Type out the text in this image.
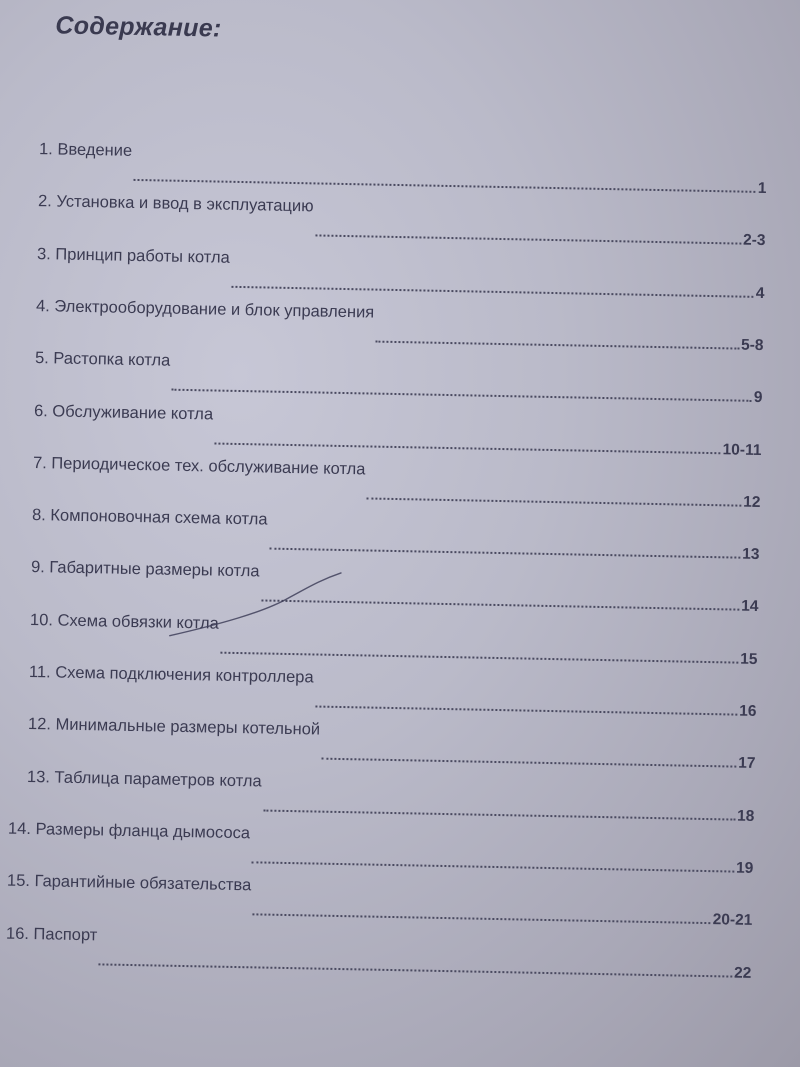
Содержание:
1. Введение
1
2. Установка и ввод в эксплуатацию
2-3
3. Принцип работы котла
4
4. Электрооборудование и блок управления
5-8
5. Растопка котла
9
6. Обслуживание котла
10-11
7. Периодическое тех. обслуживание котла
12
8. Компоновочная схема котла
13
9. Габаритные размеры котла
14
10. Схема обвязки котла
15
11. Схема подключения контроллера
16
12. Минимальные размеры котельной
17
13. Таблица параметров котла
18
14. Размеры фланца дымососа
19
15. Гарантийные обязательства
20-21
16. Паспорт
22
